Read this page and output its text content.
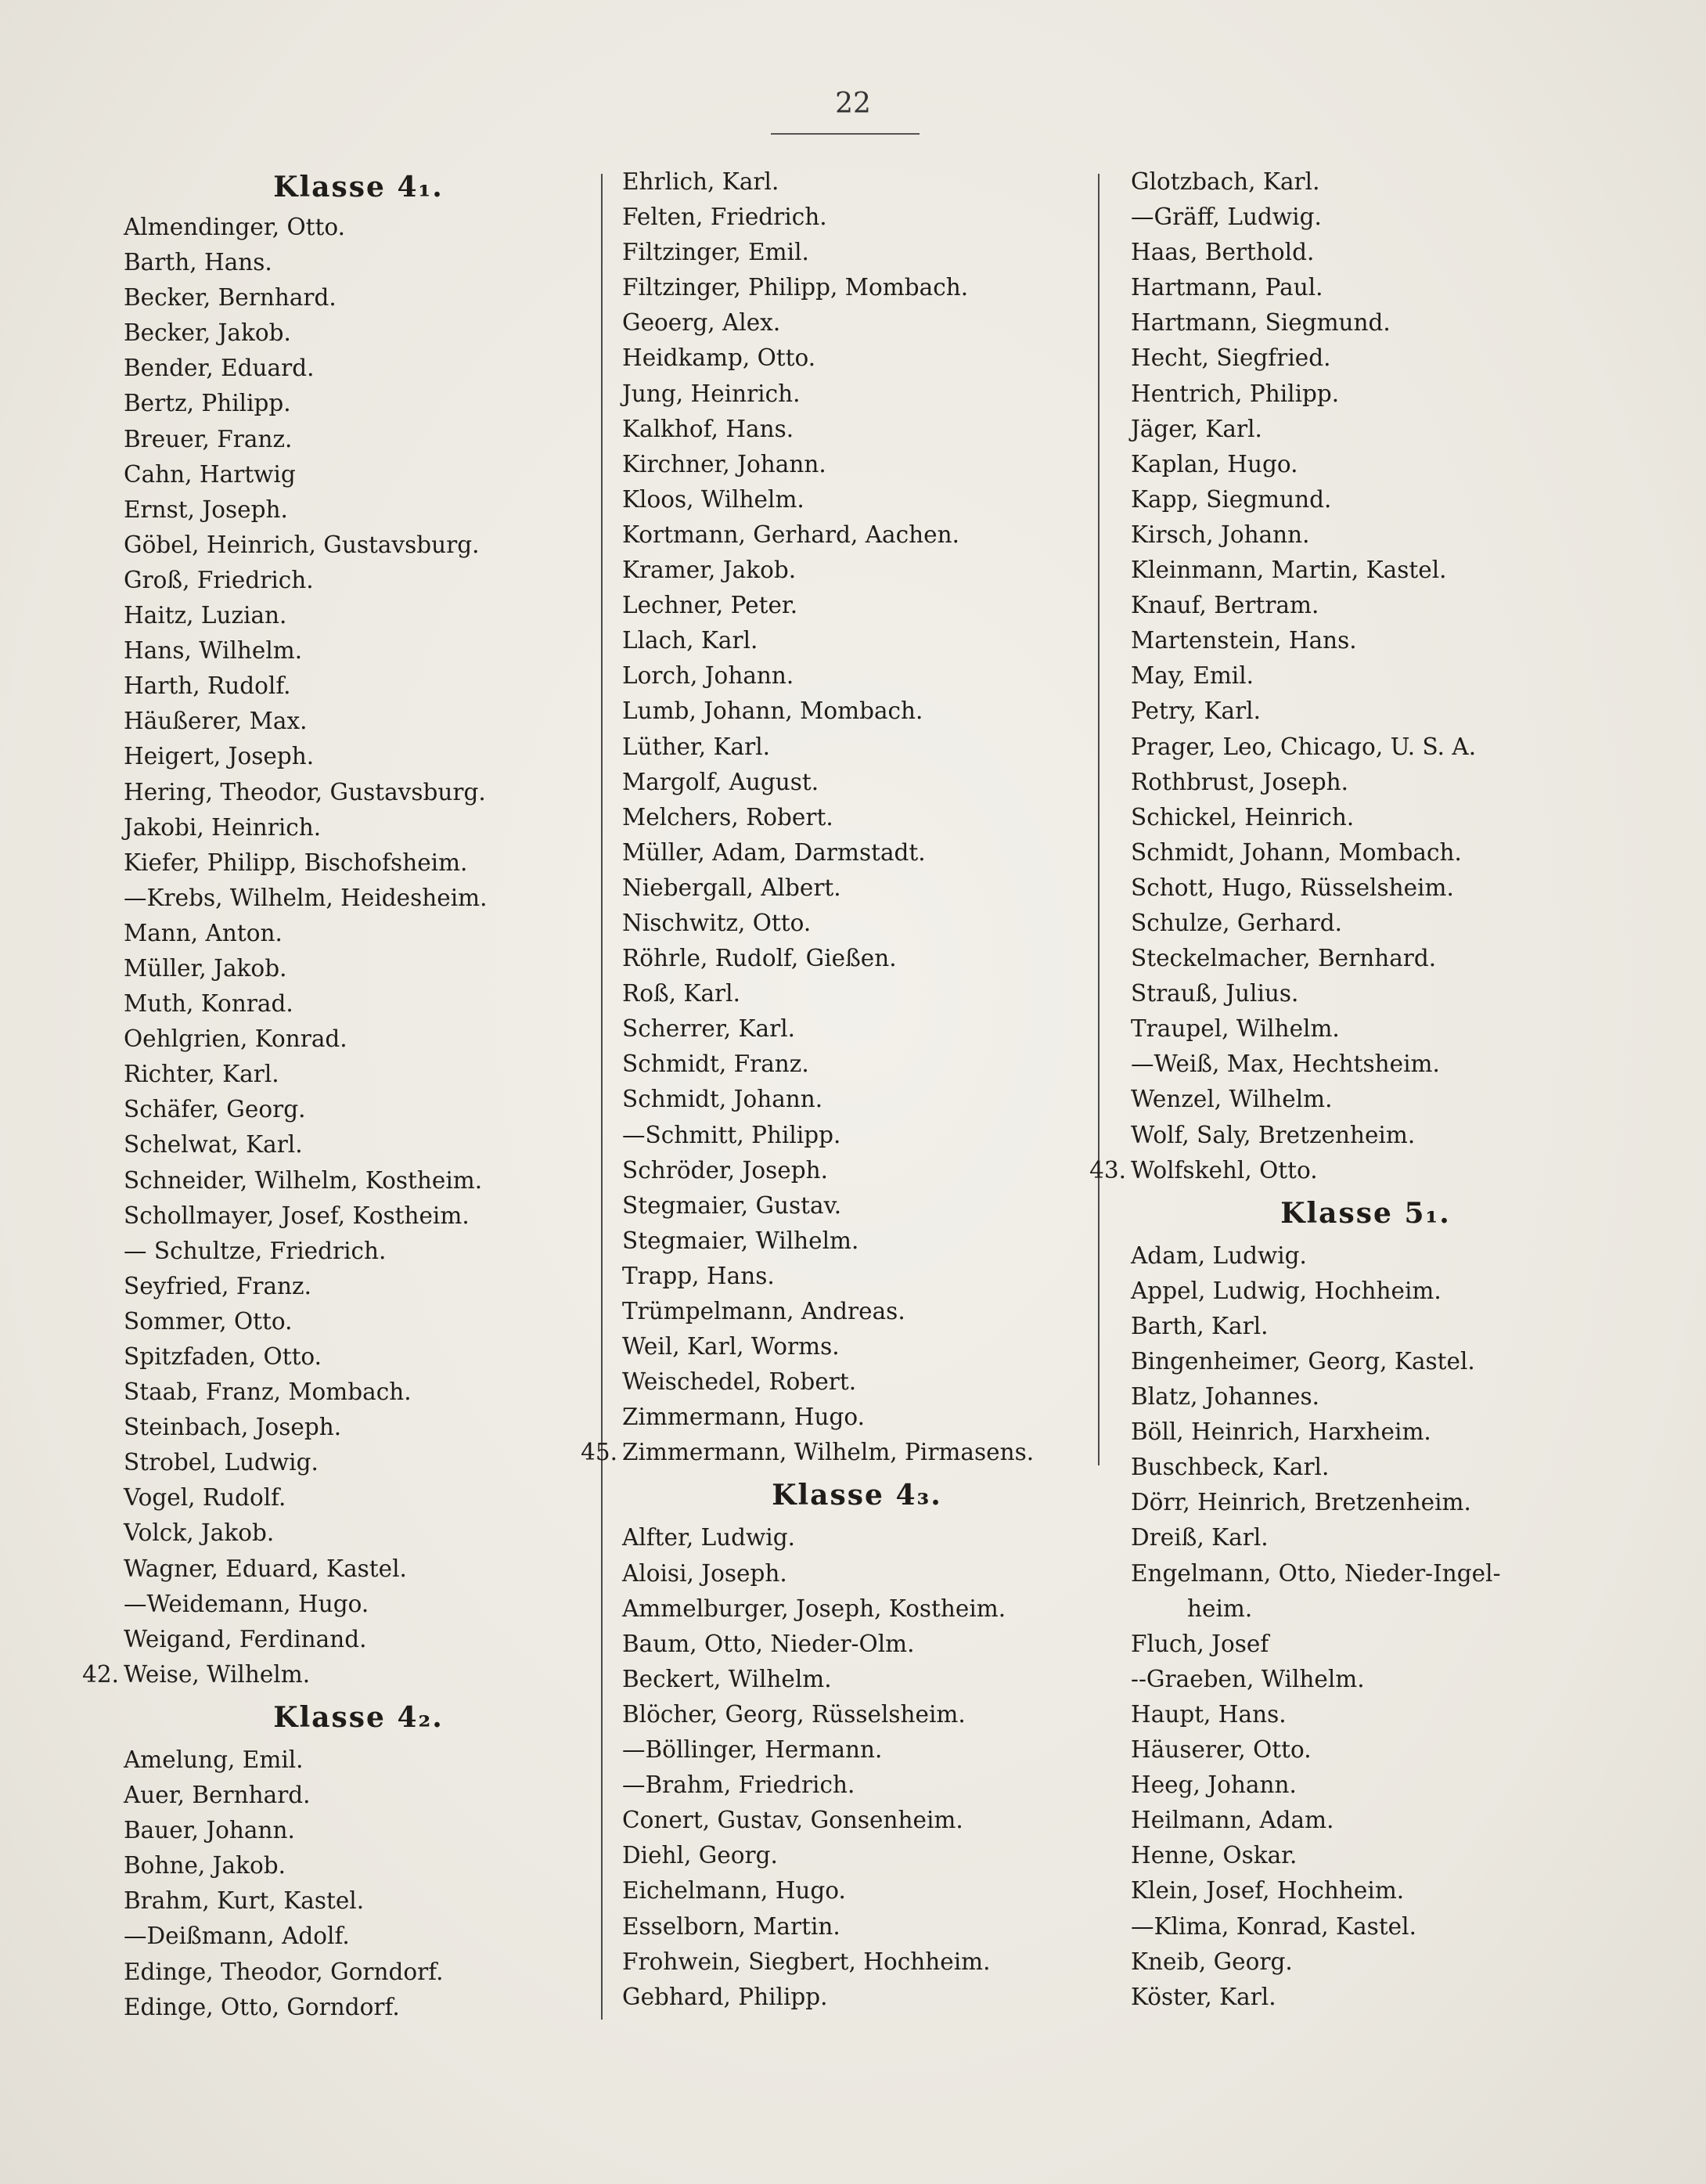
22
Klasse 4₁.
Almendinger, Otto.
Barth, Hans.
Becker, Bernhard.
Becker, Jakob.
Bender, Eduard.
Bertz, Philipp.
Breuer, Franz.
Cahn, Hartwig
Ernst, Joseph.
Göbel, Heinrich, Gustavsburg.
Groß, Friedrich.
Haitz, Luzian.
Hans, Wilhelm.
Harth, Rudolf.
Häußerer, Max.
Heigert, Joseph.
Hering, Theodor, Gustavsburg.
Jakobi, Heinrich.
Kiefer, Philipp, Bischofsheim.
—Krebs, Wilhelm, Heidesheim.
Mann, Anton.
Müller, Jakob.
Muth, Konrad.
Oehlgrien, Konrad.
Richter, Karl.
Schäfer, Georg.
Schelwat, Karl.
Schneider, Wilhelm, Kostheim.
Schollmayer, Josef, Kostheim.
— Schultze, Friedrich.
Seyfried, Franz.
Sommer, Otto.
Spitzfaden, Otto.
Staab, Franz, Mombach.
Steinbach, Joseph.
Strobel, Ludwig.
Vogel, Rudolf.
Volck, Jakob.
Wagner, Eduard, Kastel.
—Weidemann, Hugo.
Weigand, Ferdinand.
42. Weise, Wilhelm.
Klasse 4₂.
Amelung, Emil.
Auer, Bernhard.
Bauer, Johann.
Bohne, Jakob.
Brahm, Kurt, Kastel.
—Deißmann, Adolf.
Edinge, Theodor, Gorndorf.
Edinge, Otto, Gorndorf.
Ehrlich, Karl.
Felten, Friedrich.
Filtzinger, Emil.
Filtzinger, Philipp, Mombach.
Geoerg, Alex.
Heidkamp, Otto.
Jung, Heinrich.
Kalkhof, Hans.
Kirchner, Johann.
Kloos, Wilhelm.
Kortmann, Gerhard, Aachen.
Kramer, Jakob.
Lechner, Peter.
Llach, Karl.
Lorch, Johann.
Lumb, Johann, Mombach.
Lüther, Karl.
Margolf, August.
Melchers, Robert.
Müller, Adam, Darmstadt.
Niebergall, Albert.
Nischwitz, Otto.
Röhrle, Rudolf, Gießen.
Roß, Karl.
Scherrer, Karl.
Schmidt, Franz.
Schmidt, Johann.
—Schmitt, Philipp.
Schröder, Joseph.
Stegmaier, Gustav.
Stegmaier, Wilhelm.
Trapp, Hans.
Trümpelmann, Andreas.
Weil, Karl, Worms.
Weischedel, Robert.
Zimmermann, Hugo.
45. Zimmermann, Wilhelm, Pirmasens.
Klasse 4₃.
Alfter, Ludwig.
Aloisi, Joseph.
Ammelburger, Joseph, Kostheim.
Baum, Otto, Nieder-Olm.
Beckert, Wilhelm.
Blöcher, Georg, Rüsselsheim.
—Böllinger, Hermann.
—Brahm, Friedrich.
Conert, Gustav, Gonsenheim.
Diehl, Georg.
Eichelmann, Hugo.
Esselborn, Martin.
Frohwein, Siegbert, Hochheim.
Gebhard, Philipp.
Glotzbach, Karl.
—Gräff, Ludwig.
Haas, Berthold.
Hartmann, Paul.
Hartmann, Siegmund.
Hecht, Siegfried.
Hentrich, Philipp.
Jäger, Karl.
Kaplan, Hugo.
Kapp, Siegmund.
Kirsch, Johann.
Kleinmann, Martin, Kastel.
Knauf, Bertram.
Martenstein, Hans.
May, Emil.
Petry, Karl.
Prager, Leo, Chicago, U. S. A.
Rothbrust, Joseph.
Schickel, Heinrich.
Schmidt, Johann, Mombach.
Schott, Hugo, Rüsselsheim.
Schulze, Gerhard.
Steckelmacher, Bernhard.
Strauß, Julius.
Traupel, Wilhelm.
—Weiß, Max, Hechtsheim.
Wenzel, Wilhelm.
Wolf, Saly, Bretzenheim.
43. Wolfskehl, Otto.
Klasse 5₁.
Adam, Ludwig.
Appel, Ludwig, Hochheim.
Barth, Karl.
Bingenheimer, Georg, Kastel.
Blatz, Johannes.
Böll, Heinrich, Harxheim.
Buschbeck, Karl.
Dörr, Heinrich, Bretzenheim.
Dreiß, Karl.
Engelmann, Otto, Nieder-Ingel-
heim.
Fluch, Josef
--Graeben, Wilhelm.
Haupt, Hans.
Häuserer, Otto.
Heeg, Johann.
Heilmann, Adam.
Henne, Oskar.
Klein, Josef, Hochheim.
—Klima, Konrad, Kastel.
Kneib, Georg.
Köster, Karl.
